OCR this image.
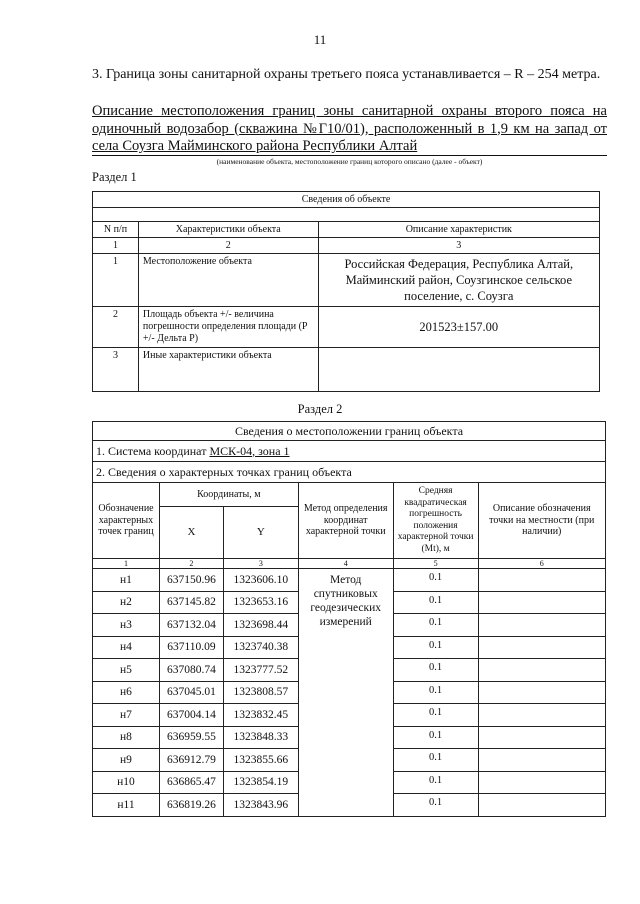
11
3. Граница зоны санитарной охраны третьего пояса устанавливается – R – 254 метра.
Описание местоположения границ зоны санитарной охраны второго пояса на одиночный водозабор (скважина №Г10/01), расположенный в 1,9 км на запад от села Соузга Майминского района Республики Алтай
(наименование объекта, местоположение границ которого описано (далее - объект)
Раздел 1
Сведения об объекте		

N п/п	Характеристики объекта	Описание характеристик
1	2	3
1	Местоположение объекта	Российская Федерация, Республика Алтай, Майминский район, Соузгинское сельское поселение, с. Соузга
2	Площадь объекта +/- величина погрешности определения площади (P +/- Дельта P)	201523±157.00
3	Иные характеристики объекта	
Раздел 2
Сведения о местоположении границ объекта					
1. Система координат МСК-04, зона 1					
2. Сведения о характерных точках границ объекта					
Обозначение характерных точек границ	Координаты, м		Метод определения координат характерной точки	Средняя квадратическая погрешность положения характерной точки (Mt), м	Описание обозначения точки на местности (при наличии)
	X	Y			
1	2	3	4	5	6
н1	637150.96	1323606.10	Метод спутниковых геодезических измерений	0.1	
н2	637145.82	1323653.16		0.1	
н3	637132.04	1323698.44		0.1	
н4	637110.09	1323740.38		0.1	
н5	637080.74	1323777.52		0.1	
н6	637045.01	1323808.57		0.1	
н7	637004.14	1323832.45		0.1	
н8	636959.55	1323848.33		0.1	
н9	636912.79	1323855.66		0.1	
н10	636865.47	1323854.19		0.1	
н11	636819.26	1323843.96		0.1	
